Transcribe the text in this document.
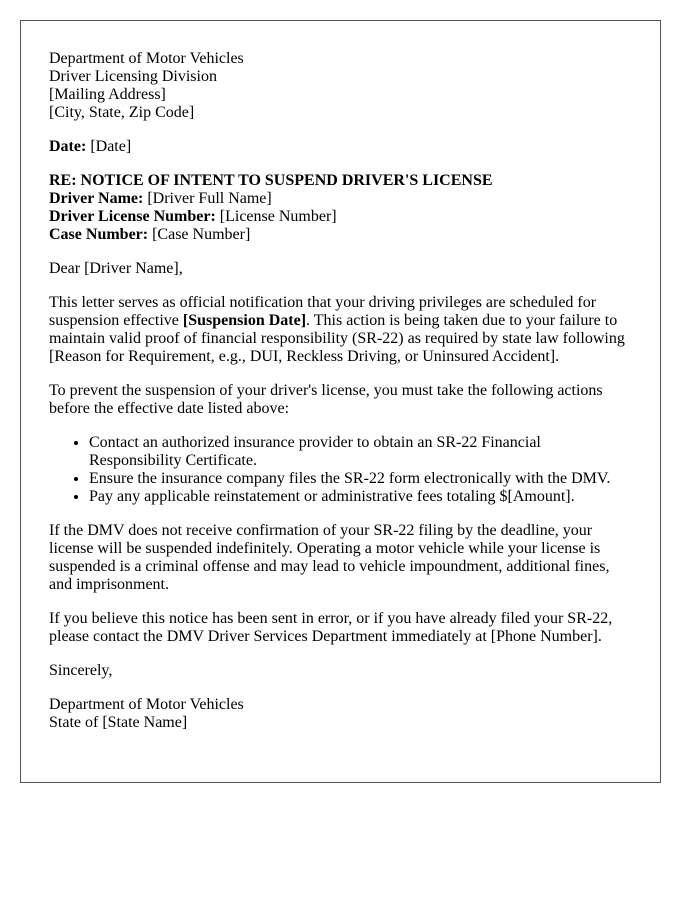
Department of Motor Vehicles
Driver Licensing Division
[Mailing Address]
[City, State, Zip Code]

Date: [Date]

RE: NOTICE OF INTENT TO SUSPEND DRIVER'S LICENSE
Driver Name: [Driver Full Name]
Driver License Number: [License Number]
Case Number: [Case Number]

Dear [Driver Name],

This letter serves as official notification that your driving privileges are scheduled for suspension effective [Suspension Date]. This action is being taken due to your failure to maintain valid proof of financial responsibility (SR-22) as required by state law following [Reason for Requirement, e.g., DUI, Reckless Driving, or Uninsured Accident].

To prevent the suspension of your driver's license, you must take the following actions before the effective date listed above:

• Contact an authorized insurance provider to obtain an SR-22 Financial Responsibility Certificate.
• Ensure the insurance company files the SR-22 form electronically with the DMV.
• Pay any applicable reinstatement or administrative fees totaling $[Amount].

If the DMV does not receive confirmation of your SR-22 filing by the deadline, your license will be suspended indefinitely. Operating a motor vehicle while your license is suspended is a criminal offense and may lead to vehicle impoundment, additional fines, and imprisonment.

If you believe this notice has been sent in error, or if you have already filed your SR-22, please contact the DMV Driver Services Department immediately at [Phone Number].

Sincerely,

Department of Motor Vehicles
State of [State Name]
